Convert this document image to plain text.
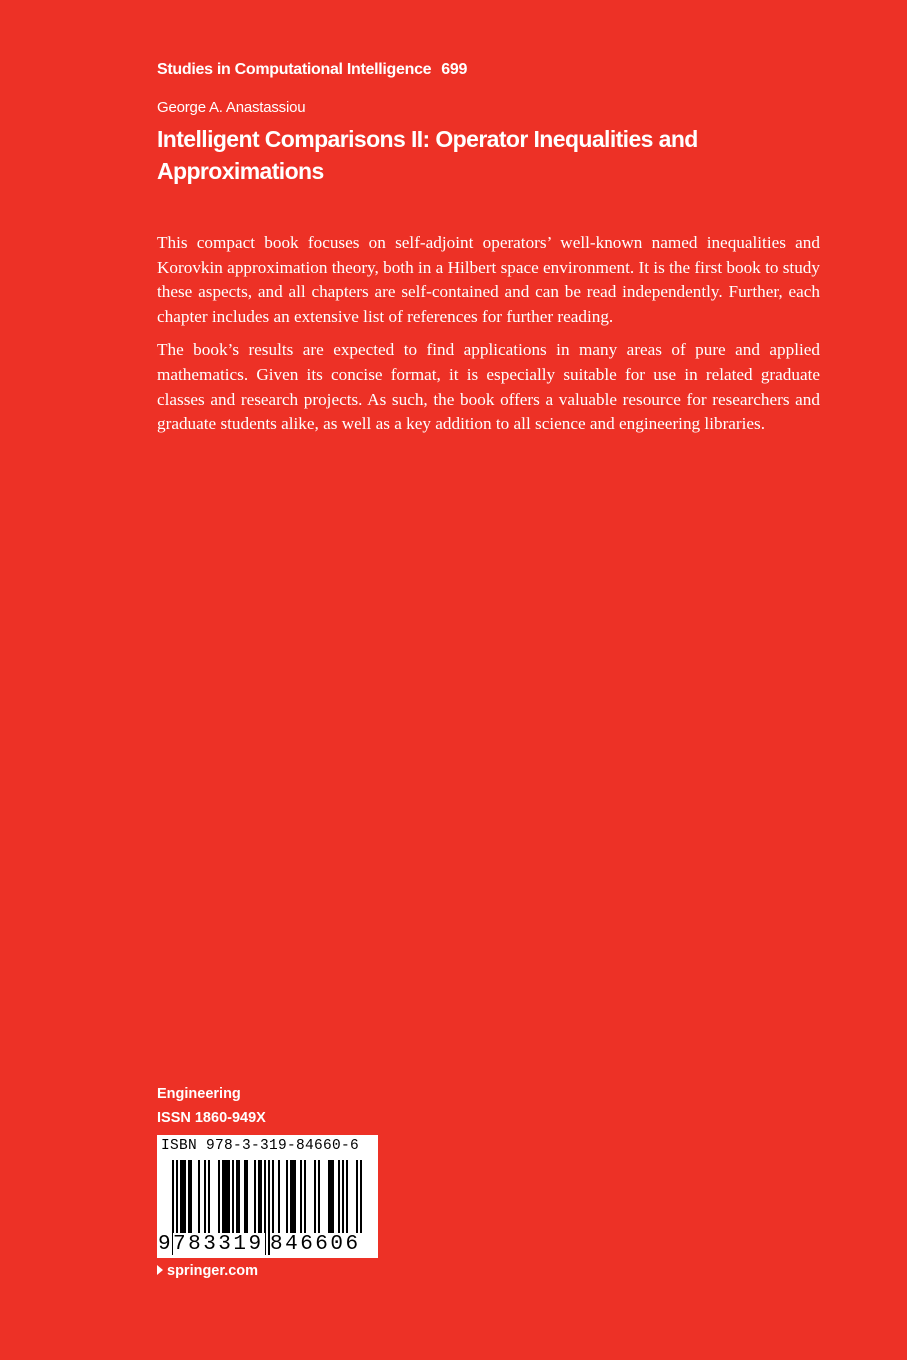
Studies in Computational Intelligence 699
George A. Anastassiou
Intelligent Comparisons II: Operator Inequalities and Approximations

This compact book focuses on self-adjoint operators’ well-known named inequalities and Korovkin approximation theory, both in a Hilbert space environment. It is the first book to study these aspects, and all chapters are self-contained and can be read independently. Further, each chapter includes an extensive list of references for further reading.

The book’s results are expected to find applications in many areas of pure and applied mathematics. Given its concise format, it is especially suitable for use in related graduate classes and research projects. As such, the book offers a valuable resource for researchers and graduate students alike, as well as a key addition to all science and engineering libraries.

Engineering
ISSN 1860-949X
ISBN 978-3-319-84660-6
9 783319 846606
springer.com
